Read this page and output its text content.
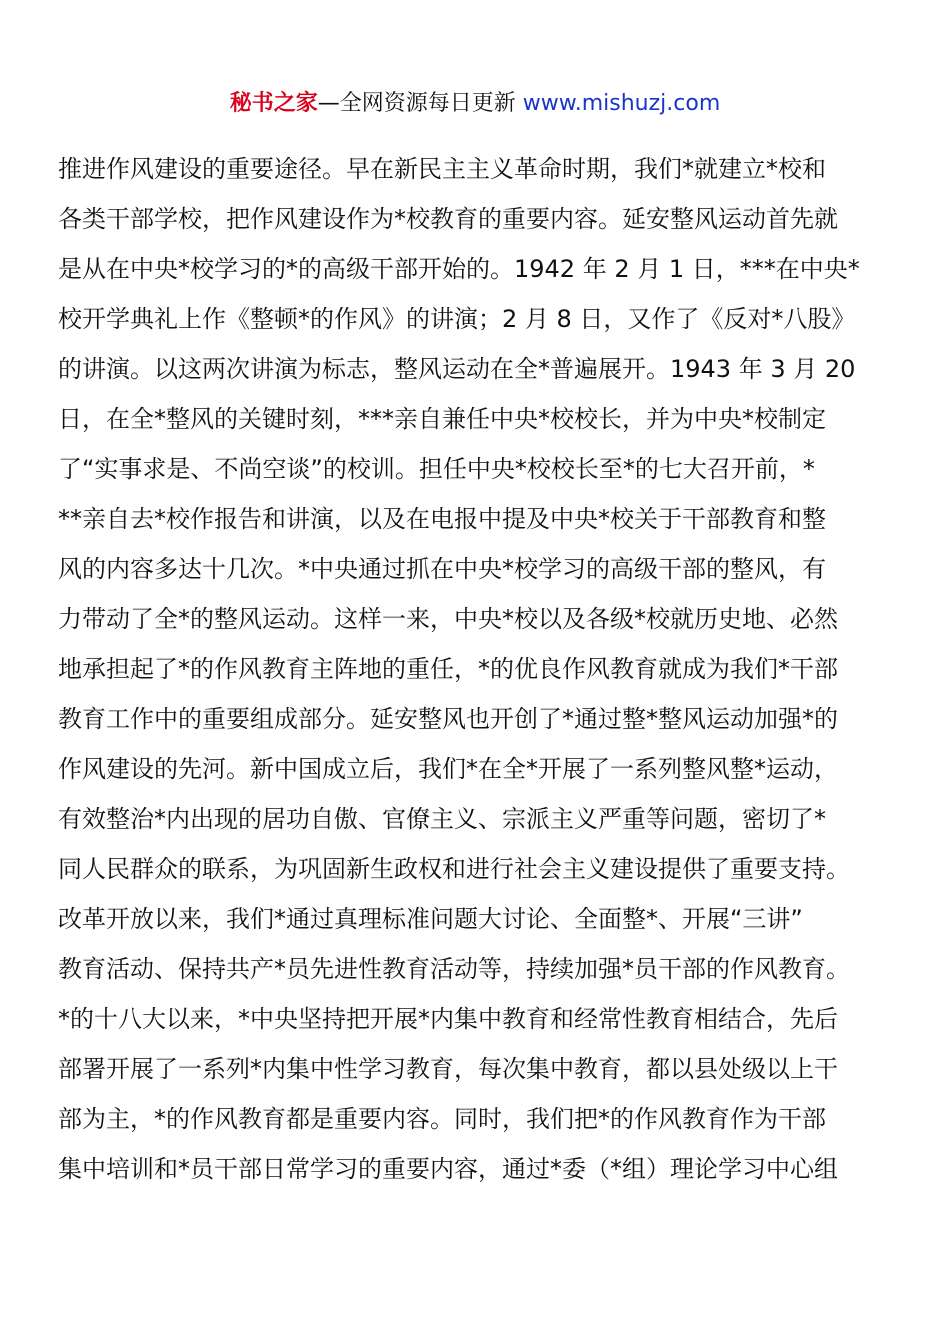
秘书之家—全网资源每日更新 www.mishuzj.com
推进作风建设的重要途径。早在新民主主义革命时期，我们*就建立*校和
各类干部学校，把作风建设作为*校教育的重要内容。延安整风运动首先就
是从在中央*校学习的*的高级干部开始的。1942 年 2 月 1 日，***在中央*
校开学典礼上作《整顿*的作风》的讲演；2 月 8 日，又作了《反对*八股》
的讲演。以这两次讲演为标志，整风运动在全*普遍展开。1943 年 3 月 20
日，在全*整风的关键时刻，***亲自兼任中央*校校长，并为中央*校制定
了“实事求是、不尚空谈”的校训。担任中央*校校长至*的七大召开前，*
**亲自去*校作报告和讲演，以及在电报中提及中央*校关于干部教育和整
风的内容多达十几次。*中央通过抓在中央*校学习的高级干部的整风，有
力带动了全*的整风运动。这样一来，中央*校以及各级*校就历史地、必然
地承担起了*的作风教育主阵地的重任，*的优良作风教育就成为我们*干部
教育工作中的重要组成部分。延安整风也开创了*通过整*整风运动加强*的
作风建设的先河。新中国成立后，我们*在全*开展了一系列整风整*运动，
有效整治*内出现的居功自傲、官僚主义、宗派主义严重等问题，密切了*
同人民群众的联系，为巩固新生政权和进行社会主义建设提供了重要支持。
改革开放以来，我们*通过真理标准问题大讨论、全面整*、开展“三讲”
教育活动、保持共产*员先进性教育活动等，持续加强*员干部的作风教育。
*的十八大以来，*中央坚持把开展*内集中教育和经常性教育相结合，先后
部署开展了一系列*内集中性学习教育，每次集中教育，都以县处级以上干
部为主，*的作风教育都是重要内容。同时，我们把*的作风教育作为干部
集中培训和*员干部日常学习的重要内容，通过*委（*组）理论学习中心组
